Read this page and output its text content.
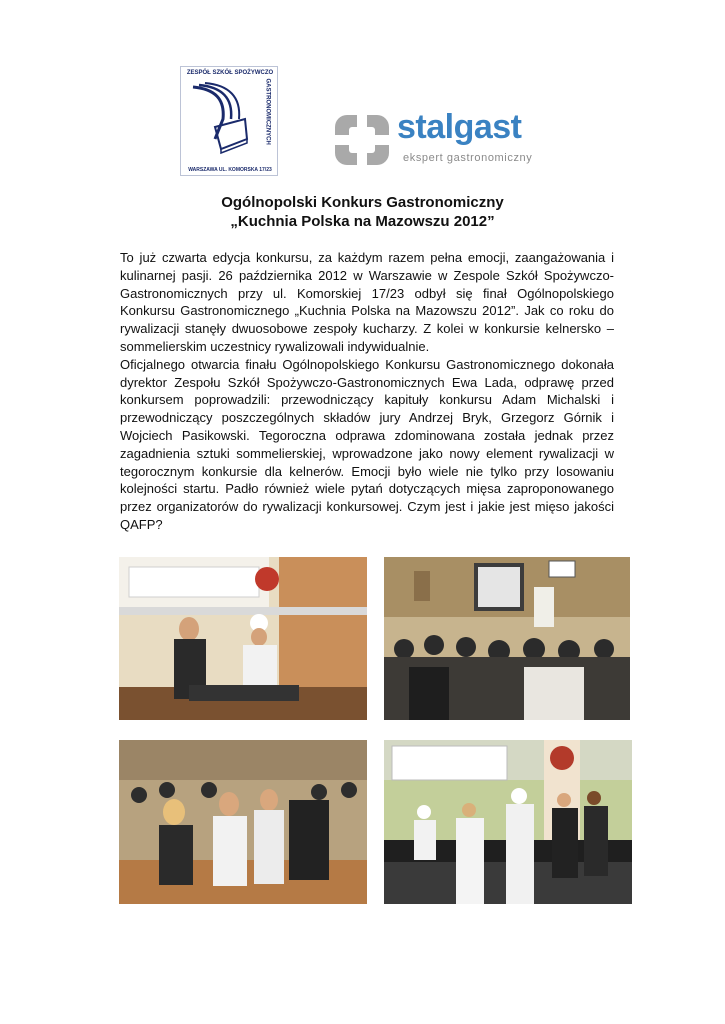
ZESPÓŁ SZKÓŁ SPOŻYWCZO
GASTRONOMICZNYCH
WARSZAWA UL. KOMORSKA 17/23
stalgast
ekspert gastronomiczny
Ogólnopolski Konkurs Gastronomiczny
„Kuchnia Polska na Mazowszu 2012”

To już czwarta edycja konkursu, za każdym razem pełna emocji, zaangażowania i kulinarnej pasji. 26 października 2012 w Warszawie w Zespole Szkół Spożywczo-Gastronomicznych przy ul. Komorskiej 17/23 odbył się finał Ogólnopolskiego Konkursu Gastronomicznego „Kuchnia Polska na Mazowszu 2012”. Jak co roku do rywalizacji stanęły dwuosobowe zespoły kucharzy. Z kolei w konkursie kelnersko – sommelierskim uczestnicy rywalizowali indywidualnie.

Oficjalnego otwarcia finału Ogólnopolskiego Konkursu Gastronomicznego dokonała dyrektor Zespołu Szkół Spożywczo-Gastronomicznych Ewa Lada, odprawę przed konkursem poprowadzili: przewodniczący kapituły konkursu Adam Michalski i przewodniczący poszczególnych składów jury Andrzej Bryk, Grzegorz Górnik i Wojciech Pasikowski. Tegoroczna odprawa zdominowana została jednak przez zagadnienia sztuki sommelierskiej, wprowadzone jako nowy element rywalizacji w tegorocznym konkursie dla kelnerów. Emocji było wiele nie tylko przy losowaniu kolejności startu. Padło również wiele pytań dotyczących mięsa zaproponowanego przez organizatorów do rywalizacji konkursowej. Czym jest i jakie jest mięso jakości QAFP?
